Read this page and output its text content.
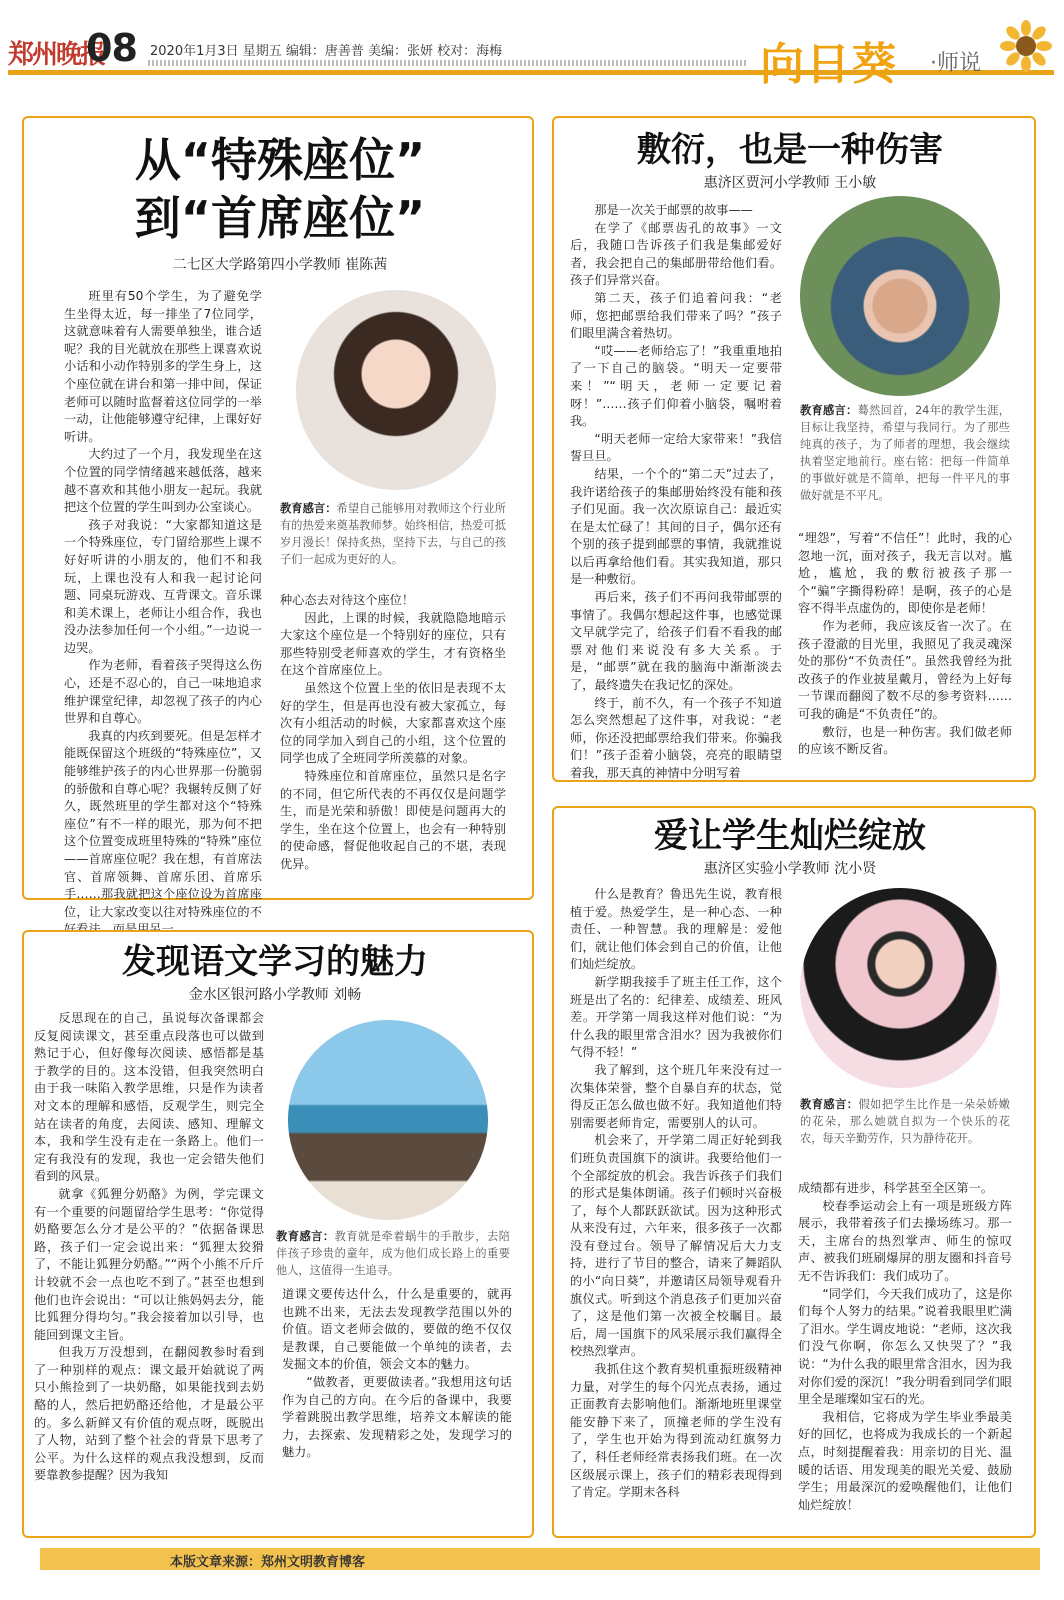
郑州晚报
08 2020年1月3日 星期五 编辑：唐善普 美编：张妍 校对：海梅	向日葵 ·师说
从“特殊座位”
到“首席座位”
二七区大学路第四小学教师 崔陈茜

班里有50个学生，为了避免学生坐得太近，每一排坐了7位同学，这就意味着有人需要单独坐，谁合适呢？我的目光就放在那些上课喜欢说小话和小动作特别多的学生身上，这个座位就在讲台和第一排中间，保证老师可以随时监督着这位同学的一举一动，让他能够遵守纪律，上课好好听讲。

大约过了一个月，我发现坐在这个位置的同学情绪越来越低落，越来越不喜欢和其他小朋友一起玩。我就把这个位置的学生叫到办公室谈心。

孩子对我说：“大家都知道这是一个特殊座位，专门留给那些上课不好好听讲的小朋友的，他们不和我玩，上课也没有人和我一起讨论问题、同桌玩游戏、互背课文。音乐课和美术课上，老师让小组合作，我也没办法参加任何一个小组。”一边说一边哭。

作为老师，看着孩子哭得这么伤心，还是不忍心的，自己一味地追求维护课堂纪律，却忽视了孩子的内心世界和自尊心。

我真的内疚到要死。但是怎样才能既保留这个班级的“特殊座位”，又能够维护孩子的内心世界那一份脆弱的骄傲和自尊心呢？我辗转反侧了好久，既然班里的学生都对这个“特殊座位”有不一样的眼光，那为何不把这个位置变成班里特殊的“特殊”座位——首席座位呢？我在想，有首席法官、首席领舞、首席乐团、首席乐手……那我就把这个座位设为首席座位，让大家改变以往对特殊座位的不

教育感言：希望自己能够用对教师这个行业所有的热爱来奠基教师梦。始终相信，热爱可抵岁月漫长！保持炙热，坚持下去，与自己的孩子们一起成为更好的人。

种心态去对待这个座位！

因此，上课的时候，我就隐隐地暗示大家这个座位是一个特别好的座位，只有那些特别受老师喜欢的学生，才有资格坐在这个首席座位上。

虽然这个位置上坐的依旧是表现不太好的学生，但是再也没有被大家孤立，每次有小组活动的时候，大家都喜欢这个座位的同学加入到自己的小组，这个位置的同学也成了全班同学所羡慕的对象。

特殊座位和首席座位，虽然只是名字的不同，但它所代表的不再仅仅是问题学生，而是光荣和骄傲！即使是问题再大的学生，坐在这个位置上，也会有一种特别的使命感，督促他收起自己的不堪，表现优异。

敷衍，也是一种伤害
惠济区贾河小学教师 王小敏

那是一次关于邮票的故事——

在学了《邮票齿孔的故事》一文后，我随口告诉孩子们我是集邮爱好者，我会把自己的集邮册带给他们看。孩子们异常兴奋。

第二天，孩子们追着问我：“老师，您把邮票给我们带来了吗？”孩子们眼里满含着热切。

“哎——老师给忘了！”我重重地拍了一下自己的脑袋。“明天一定要带来！”“明天，老师一定要记着呀！”……孩子们仰着小脑袋，嘱咐着我。

“明天老师一定给大家带来！”我信誓旦旦。

结果，一个个的“第二天”过去了，我许诺给孩子的集邮册始终没有能和孩子们见面。我一次次原谅自己：最近实在是太忙碌了！其间的日子，偶尔还有个别的孩子提到邮票的事情，我就推说以后再拿给他们看。其实我知道，那只是一种敷衍。

再后来，孩子们不再问我带邮票的事情了。我偶尔想起这件事，也感觉课文早就学完了，给孩子们看不看我的邮票对他们来说没有多大关系。于是，“邮票”就在我的脑海中渐渐淡去了，最终遗失在我记忆的深处。

终于，前不久，有一个孩子不知道怎么突然想起了这件事，对我说：“老师，你还没把邮票给我们带来。你骗我们！”孩子歪着小脑袋，亮亮的眼睛望着我，那天真的神情中分明写着

教育感言：蓦然回首，24年的教学生涯，目标让我坚持，希望与我同行。为了那些纯真的孩子，为了师者的理想，我会继续执着坚定地前行。座右铭：把每一件简单的事做好就是不简单，把每一件平凡的事做好就是不平凡。

“埋怨”，写着“不信任”！此时，我的心忽地一沉，面对孩子，我无言以对。尴尬，尴尬，我的敷衍被孩子那一个“骗”字撕得粉碎！是啊，孩子的心是容不得半点虚伪的，即使你是老师！

作为老师，我应该反省一次了。在孩子澄澈的目光里，我照见了我灵魂深处的那份“不负责任”。虽然我曾经为批改孩子的作业披星戴月，曾经为上好每一节课而翻阅了数不尽的参考资料……可我的确是“不负责任”的。

敷衍，也是一种伤害。我们做老师的应该不断反省。

发现语文学习的魅力
金水区银河路小学教师 刘畅

反思现在的自己，虽说每次备课都会反复阅读课文，甚至重点段落也可以做到熟记于心，但好像每次阅读、感悟都是基于教学的目的。这本没错，但我突然明白由于我一味陷入教学思维，只是作为读者对文本的理解和感悟，反观学生，则完全站在读者的角度，去阅读、感知、理解文本，我和学生没有走在一条路上。他们一定有我没有的发现，我也一定会错失他们看到的风景。

就拿《狐狸分奶酪》为例，学完课文有一个重要的问题留给学生思考：“你觉得奶酪要怎么分才是公平的？”依据备课思路，孩子们一定会说出来：“狐狸太狡猾了，不能让狐狸分奶酪。”“两个小熊不斤斤计较就不会一点也吃不到了。”甚至也想到他们也许会说出：“可以让熊妈妈去分，能比狐狸分得均匀。”我会接着加以引导，也能回到课文主旨。

但我万万没想到，在翻阅教参时看到了一种别样的观点：课文最开始就说了两只小熊捡到了一块奶酪，如果能找到去奶酪的人，然后把奶酪还给他，才是最公平的。多么新鲜又有价值的观点呀，既脱出了人物，站到了整个社会的背景下思考了公平。为什么这样的观点我没想到，反而要靠教参提醒？因为我知

教育感言：教育就是牵着蜗牛的手散步，去陪伴孩子珍贵的童年，成为他们成长路上的重要他人，这值得一生追寻。

道课文要传达什么，什么是重要的，就再也跳不出来，无法去发现教学范围以外的价值。语文老师会做的，要做的绝不仅仅是教课，自己要能做一个单纯的读者，去发掘文本的价值，领会文本的魅力。

“做教者，更要做读者。”我想用这句话作为自己的方向。在今后的备课中，我要学着跳脱出教学思维，培养文本解读的能力，去探索、发现精彩之处，发现学习的魅力。

爱让学生灿烂绽放
惠济区实验小学教师 沈小贤

什么是教育？鲁迅先生说，教育根植于爱。热爱学生，是一种心态、一种责任、一种智慧。我的理解是：爱他们，就让他们体会到自己的价值，让他们灿烂绽放。

新学期我接手了班主任工作，这个班是出了名的：纪律差、成绩差、班风差。开学第一周我这样对他们说：“为什么我的眼里常含泪水？因为我被你们气得不轻！”

我了解到，这个班几年来没有过一次集体荣誉，整个自暴自弃的状态，觉得反正怎么做也做不好。我知道他们特别需要老师肯定，需要别人的认可。

机会来了，开学第二周正好轮到我们班负责国旗下的演讲。我要给他们一个全部绽放的机会。我告诉孩子们我们的形式是集体朗诵。孩子们顿时兴奋极了，每个人都跃跃欲试。因为这种形式从来没有过，六年来，很多孩子一次都没有登过台。领导了解情况后大力支持，进行了节目的整合，请来了舞蹈队的小“向日葵”，并邀请区局领导观看升旗仪式。听到这个消息孩子们更加兴奋了，这是他们第一次被全校瞩目。最后，周一国旗下的风采展示我们赢得全校热烈掌声。

我抓住这个教育契机重振班级精神力量，对学生的每个闪光点表扬，通过正面教育去影响他们。渐渐地班里课堂能安静下来了，顶撞老师的学生没有了，学生也开始为得到流动红旗努力了，科任老师经常表扬我们班。在一次区级展示课上，孩子们的精彩表现得到了肯定。学期末各科

教育感言：假如把学生比作是一朵朵娇嫩的花朵，那么她就自拟为一个快乐的花农，每天辛勤劳作，只为静待花开。

成绩都有进步，科学甚至全区第一。

校春季运动会上有一项是班级方阵展示，我带着孩子们去操场练习。那一天，主席台的热烈掌声、师生的惊叹声、被我们班刷爆屏的朋友圈和抖音号无不告诉我们：我们成功了。

“同学们，今天我们成功了，这是你们每个人努力的结果。”说着我眼里贮满了泪水。学生调皮地说：“老师，这次我们没气你啊，你怎么又快哭了？”我说：“为什么我的眼里常含泪水，因为我对你们爱的深沉！”我分明看到同学们眼里全是璀璨如宝石的光。

我相信，它将成为学生毕业季最美好的回忆，也将成为我成长的一个新起点，时刻提醒着我：用亲切的目光、温暖的话语、用发现美的眼光关爱、鼓励学生；用最深沉的爱唤醒他们，让他们灿烂绽放！

本版文章来源：郑州文明教育博客
